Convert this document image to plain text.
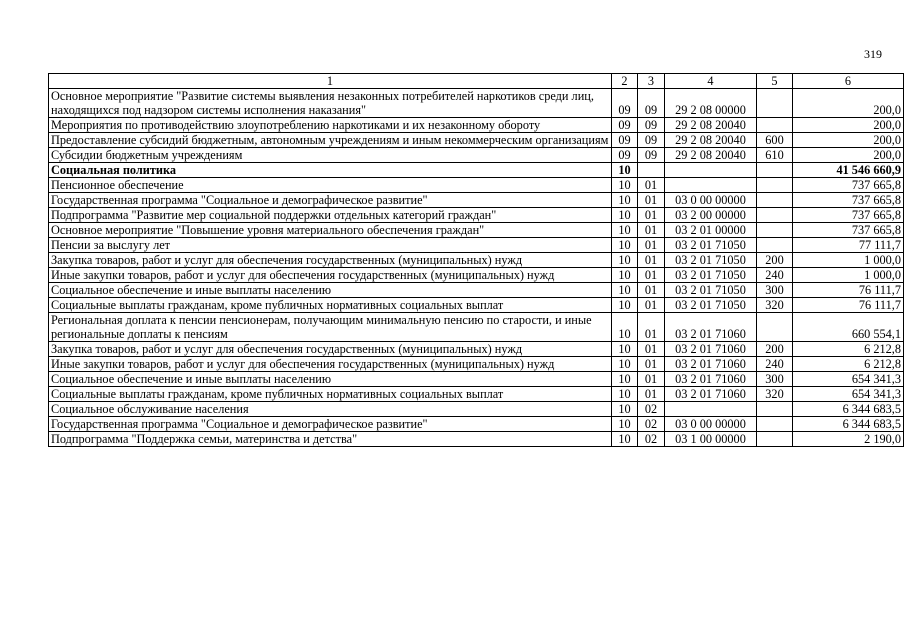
319
1	2	3	4	5	6
Основное мероприятие "Развитие системы выявления незаконных потребителей наркотиков среди лиц, находящихся под надзором системы исполнения наказания"	09	09	29 2 08 00000		200,0
Мероприятия по противодействию злоупотреблению наркотиками и их незаконному обороту	09	09	29 2 08 20040		200,0
Предоставление субсидий бюджетным, автономным учреждениям и иным некоммерческим организациям	09	09	29 2 08 20040	600	200,0
Субсидии бюджетным учреждениям	09	09	29 2 08 20040	610	200,0
Социальная политика	10				41 546 660,9
Пенсионное обеспечение	10	01			737 665,8
Государственная программа "Социальное и демографическое развитие"	10	01	03 0 00 00000		737 665,8
Подпрограмма "Развитие мер социальной поддержки отдельных категорий граждан"	10	01	03 2 00 00000		737 665,8
Основное мероприятие "Повышение уровня материального обеспечения граждан"	10	01	03 2 01 00000		737 665,8
Пенсии за выслугу лет	10	01	03 2 01 71050		77 111,7
Закупка товаров, работ и услуг для обеспечения государственных (муниципальных) нужд	10	01	03 2 01 71050	200	1 000,0
Иные закупки товаров, работ и услуг для обеспечения государственных (муниципальных) нужд	10	01	03 2 01 71050	240	1 000,0
Социальное обеспечение и иные выплаты населению	10	01	03 2 01 71050	300	76 111,7
Социальные выплаты гражданам, кроме публичных нормативных социальных выплат	10	01	03 2 01 71050	320	76 111,7
Региональная доплата к пенсии пенсионерам, получающим минимальную пенсию по старости, и иные региональные доплаты к пенсиям	10	01	03 2 01 71060		660 554,1
Закупка товаров, работ и услуг для обеспечения государственных (муниципальных) нужд	10	01	03 2 01 71060	200	6 212,8
Иные закупки товаров, работ и услуг для обеспечения государственных (муниципальных) нужд	10	01	03 2 01 71060	240	6 212,8
Социальное обеспечение и иные выплаты населению	10	01	03 2 01 71060	300	654 341,3
Социальные выплаты гражданам, кроме публичных нормативных социальных выплат	10	01	03 2 01 71060	320	654 341,3
Социальное обслуживание населения	10	02			6 344 683,5
Государственная программа "Социальное и демографическое развитие"	10	02	03 0 00 00000		6 344 683,5
Подпрограмма "Поддержка семьи, материнства и детства"	10	02	03 1 00 00000		2 190,0
